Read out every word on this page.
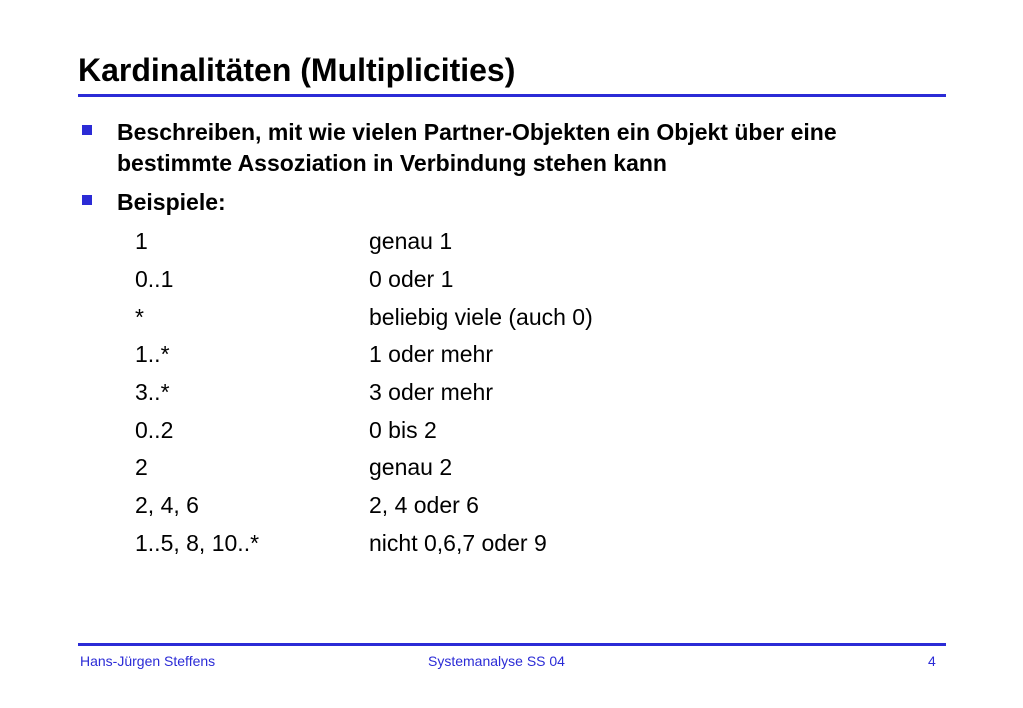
Kardinalitäten (Multiplicities)
Beschreiben, mit wie vielen Partner-Objekten ein Objekt über eine
bestimmte Assoziation in Verbindung stehen kann
Beispiele:
1	genau 1
0..1	0 oder 1
*	beliebig viele (auch 0)
1..*	1 oder mehr
3..*	3 oder mehr
0..2	0 bis 2
2	genau 2
2, 4, 6	2, 4 oder 6
1..5, 8, 10..*	nicht 0,6,7 oder 9
Hans-Jürgen Steffens	Systemanalyse SS 04	4
